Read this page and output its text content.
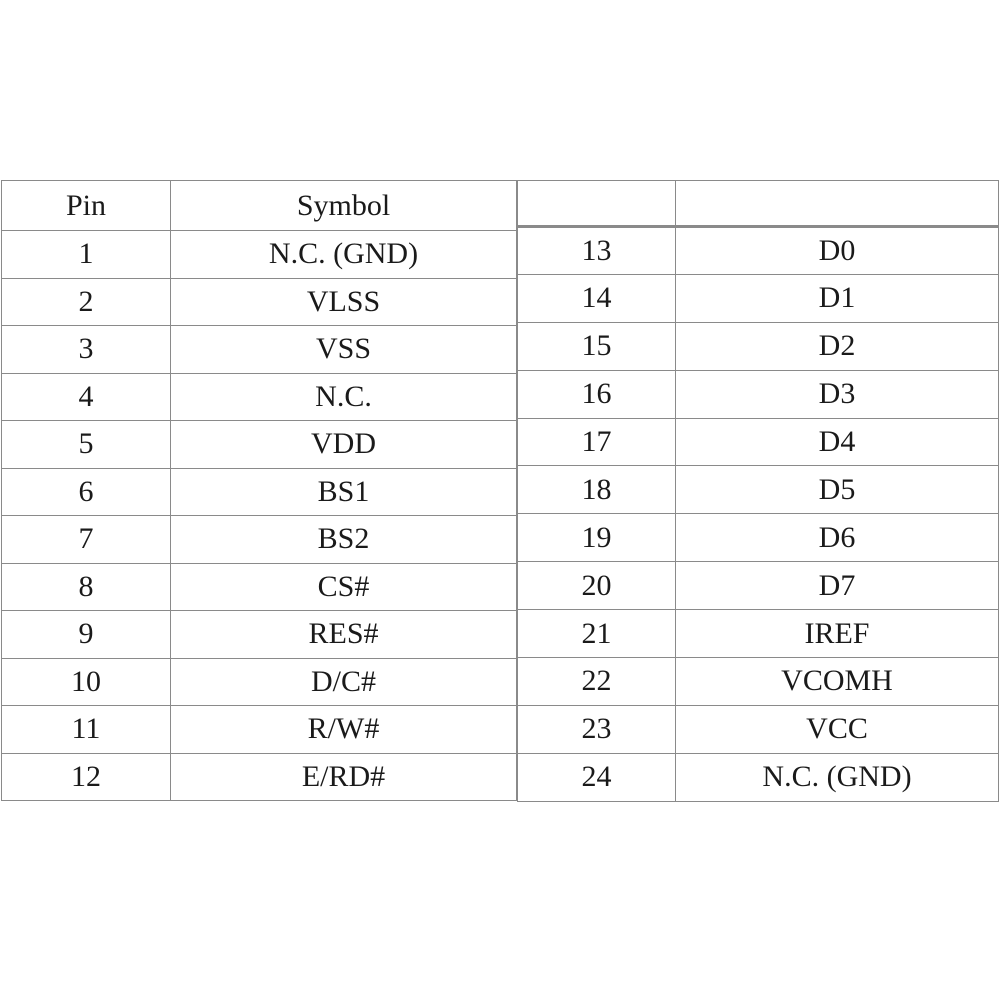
Pin	Symbol
1	N.C. (GND)
2	VLSS
3	VSS
4	N.C.
5	VDD
6	BS1
7	BS2
8	CS#
9	RES#
10	D/C#
11	R/W#
12	E/RD#

13	D0
14	D1
15	D2
16	D3
17	D4
18	D5
19	D6
20	D7
21	IREF
22	VCOMH
23	VCC
24	N.C. (GND)
